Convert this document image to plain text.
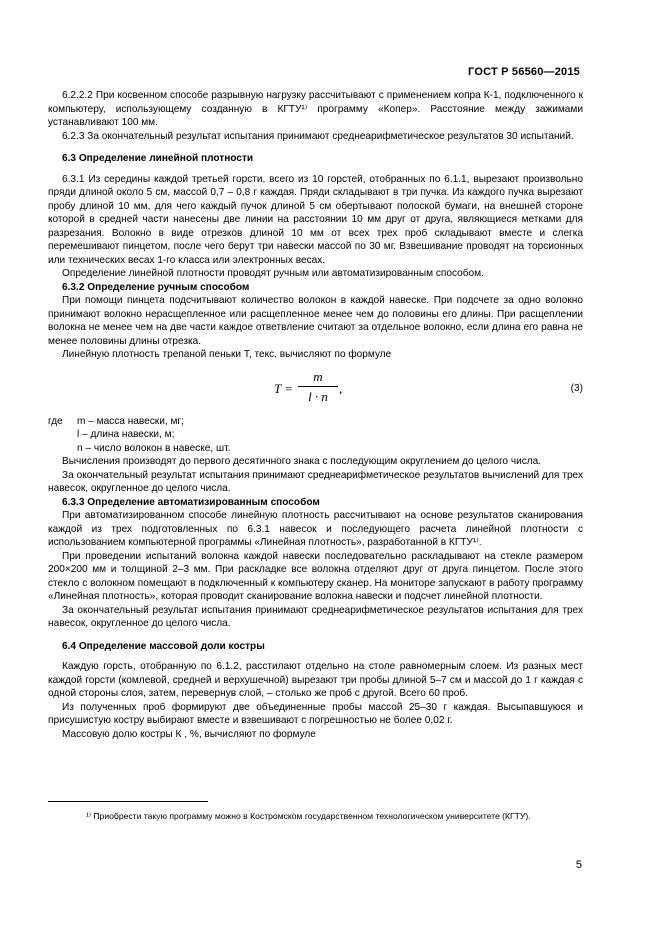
ГОСТ Р 56560—2015

6.2.2.2 При косвенном способе разрывную нагрузку рассчитывают с применением копра К-1, подключенного к компьютеру, использующему созданную в КГТУ¹⁾ программу «Копер». Расстояние между зажимами устанавливают 100 мм.

6.2.3 За окончательный результат испытания принимают среднеарифметическое результатов 30 испытаний.

6.3 Определение линейной плотности

6.3.1 Из середины каждой третьей горсти, всего из 10 горстей, отобранных по 6.1.1, вырезают произвольно пряди длиной около 5 см, массой 0,7 – 0,8 г каждая. Пряди складывают в три пучка. Из каждого пучка вырезают пробу длиной 10 мм, для чего каждый пучок длиной 5 см обертывают полоской бумаги, на внешней стороне которой в средней части нанесены две линии на расстоянии 10 мм друг от друга, являющиеся метками для разрезания. Волокно в виде отрезков длиной 10 мм от всех трех проб складывают вместе и слегка перемешивают пинцетом, после чего берут три навески массой по 30 мг. Взвешивание проводят на торсионных или технических весах 1-го класса или электронных весах.

Определение линейной плотности проводят ручным или автоматизированным способом.

6.3.2 Определение ручным способом

При помощи пинцета подсчитывают количество волокон в каждой навеске. При подсчете за одно волокно принимают волокно нерасщепленное или расщепленное менее чем до половины его длины. При расщеплении волокна не менее чем на две части каждое ответвление считают за отдельное волокно, если длина его равна не менее половины длины отрезка.

Линейную плотность трепаной пеньки Т, текс, вычисляют по формуле

T =
m
l · n
,	(3)
где m – масса навески, мг;
l – длина навески, м;
n – число волокон в навеске, шт.

Вычисления производят до первого десятичного знака с последующим округлением до целого числа.

За окончательный результат испытания принимают среднеарифметическое результатов вычислений для трех навесок, округленное до целого числа.

6.3.3 Определение автоматизированным способом

При автоматизированном способе линейную плотность рассчитывают на основе результатов сканирования каждой из трех подготовленных по 6.3.1 навесок и последующего расчета линейной плотности с использованием компьютерной программы «Линейная плотность», разработанной в КГТУ¹⁾.

При проведении испытаний волокна каждой навески последовательно раскладывают на стекле размером 200×200 мм и толщиной 2–3 мм. При раскладке все волокна отделяют друг от друга пинцетом. После этого стекло с волокном помещают в подключенный к компьютеру сканер. На мониторе запускают в работу программу «Линейная плотность», которая проводит сканирование волокна навески и подсчет линейной плотности.

За окончательный результат испытания принимают среднеарифметическое результатов испытания для трех навесок, округленное до целого числа.

6.4 Определение массовой доли костры

Каждую горсть, отобранную по 6.1.2, расстилают отдельно на столе равномерным слоем. Из разных мест каждой горсти (комлевой, средней и верхушечной) вырезают три пробы длиной 5–7 см и массой до 1 г каждая с одной стороны слоя, затем, перевернув слой, – столько же проб с другой. Всего 60 проб.

Из полученных проб формируют две объединенные пробы массой 25–30 г каждая. Высыпавшуюся и присушистую костру выбирают вместе и взвешивают с погрешностью не более 0,02 г.

Массовую долю костры К , %, вычисляют по формуле

¹⁾ Приобрести такую программу можно в Костромском государственном технологическом университете (КГТУ).
5
